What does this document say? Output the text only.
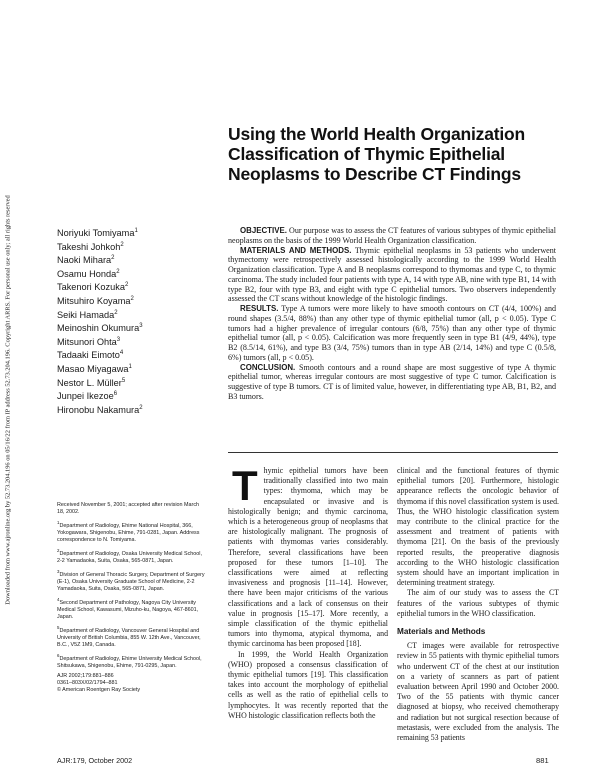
Downloaded from www.ajronline.org by 52.73.204.196 on 05/16/22 from IP address 52.73.204.196. Copyright ARRS. For personal use only; all rights reserved
Using the World Health Organization Classification of Thymic Epithelial Neoplasms to Describe CT Findings
Noriyuki Tomiyama$^1$
Takeshi Johkoh$^2$
Naoki Mihara$^2$
Osamu Honda$^2$
Takenori Kozuka$^2$
Mitsuhiro Koyama$^2$
Seiki Hamada$^2$
Meinoshin Okumura$^3$
Mitsunori Ohta$^3$
Tadaaki Eimoto$^4$
Masao Miyagawa$^1$
Nestor L. Müller$^5$
Junpei Ikezoe$^6$
Hironobu Nakamura$^2$

OBJECTIVE. Our purpose was to assess the CT features of various subtypes of thymic epithelial neoplasms on the basis of the 1999 World Health Organization classification.

MATERIALS AND METHODS. Thymic epithelial neoplasms in 53 patients who underwent thymectomy were retrospectively assessed histologically according to the 1999 World Health Organization classification. Type A and B neoplasms correspond to thymomas and type C, to thymic carcinoma. The study included four patients with type A, 14 with type AB, nine with type B1, 14 with type B2, four with type B3, and eight with type C epithelial tumors. Two observers independently assessed the CT scans without knowledge of the histologic findings.

RESULTS. Type A tumors were more likely to have smooth contours on CT (4/4, 100%) and round shapes (3.5/4, 88%) than any other type of thymic epithelial tumor (all, p < 0.05). Type C tumors had a higher prevalence of irregular contours (6/8, 75%) than any other type of thymic epithelial tumor (all, p < 0.05). Calcification was more frequently seen in type B1 (4/9, 44%), type B2 (8.5/14, 61%), and type B3 (3/4, 75%) tumors than in type AB (2/14, 14%) and type C (0.5/8, 6%) tumors (all, p < 0.05).

CONCLUSION. Smooth contours and a round shape are most suggestive of type A thymic epithelial tumor, whereas irregular contours are most suggestive of type C tumor. Calcification is suggestive of type B tumors. CT is of limited value, however, in differentiating type AB, B1, B2, and B3 tumors.

Received November 5, 2001; accepted after revision March 18, 2002.

$^1$Department of Radiology, Ehime National Hospital, 366, Yokogawara, Shigenobu, Ehime, 791-0281, Japan. Address correspondence to N. Tomiyama.

$^2$Department of Radiology, Osaka University Medical School, 2-2 Yamadaoka, Suita, Osaka, 565-0871, Japan.

$^3$Division of General Thoracic Surgery, Department of Surgery (E-1), Osaka University Graduate School of Medicine, 2-2 Yamadaoka, Suita, Osaka, 565-0871, Japan.

$^4$Second Department of Pathology, Nagoya City University Medical School, Kawasumi, Mizuho-ku, Nagoya, 467-8601, Japan.

$^5$Department of Radiology, Vancouver General Hospital and University of British Columbia, 855 W. 12th Ave., Vancouver, B.C., V5Z 1M9, Canada.

$^6$Department of Radiology, Ehime University Medical School, Shitsukawa, Shigenobu, Ehime, 791-0295, Japan.

AJR 2002;179:881–886

0361–803X/02/1794–881

© American Roentgen Ray Society

Thymic epithelial tumors have been traditionally classified into two main types: thymoma, which may be encapsulated or invasive and is histologically benign; and thymic carcinoma, which is a heterogeneous group of neoplasms that are histologically malignant. The prognosis of patients with thymomas varies considerably. Therefore, several classifications have been proposed for these tumors [1–10]. The classifications were aimed at reflecting invasiveness and prognosis [11–14]. However, there have been major criticisms of the various classifications and a lack of consensus on their value in prognosis [15–17]. More recently, a simple classification of the thymic epithelial tumors into thymoma, atypical thymoma, and thymic carcinoma has been proposed [18].

In 1999, the World Health Organization (WHO) proposed a consensus classification of thymic epithelial tumors [19]. This classification takes into account the morphology of epithelial cells as well as the ratio of epithelial cells to lymphocytes. It was recently reported that the WHO histologic classification reflects both the

clinical and the functional features of thymic epithelial tumors [20]. Furthermore, histologic appearance reflects the oncologic behavior of thymoma if this novel classification system is used. Thus, the WHO histologic classification system may contribute to the clinical practice for the assessment and treatment of patients with thymoma [21]. On the basis of the previously reported results, the preoperative diagnosis according to the WHO histologic classification system should have an important implication in determining treatment strategy.

The aim of our study was to assess the CT features of the various subtypes of thymic epithelial tumors in the WHO classification.

Materials and Methods

CT images were available for retrospective review in 55 patients with thymic epithelial tumors who underwent CT of the chest at our institution on a variety of scanners as part of patient evaluation between April 1990 and October 2000. Two of the 55 patients with thymic cancer diagnosed at biopsy, who received chemotherapy and radiation but not surgical resection because of metastasis, were excluded from the analysis. The remaining 53 patients

AJR:179, October 2002	881
